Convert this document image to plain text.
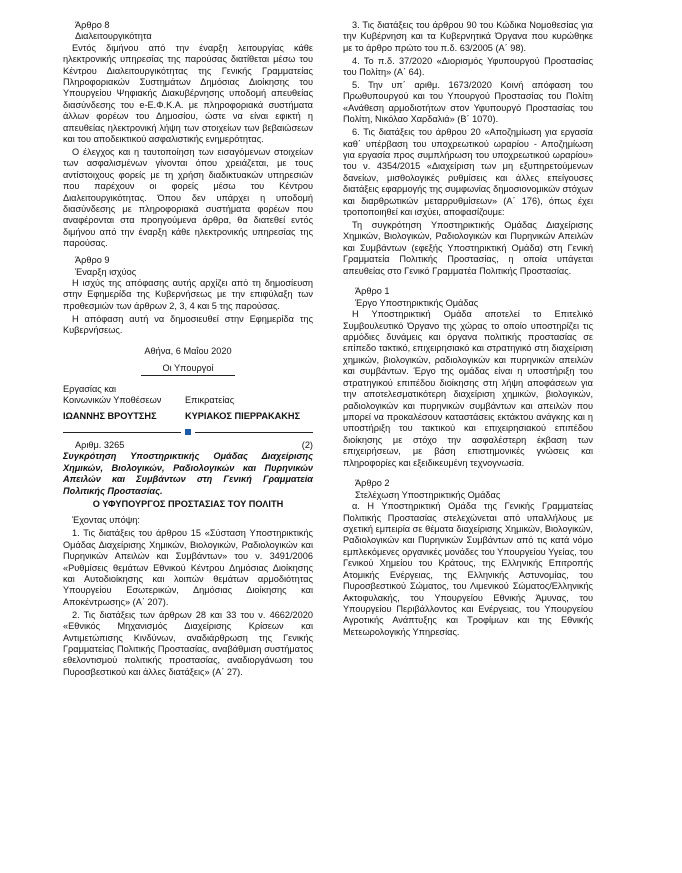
Άρθρο 8
Διαλειτουργικότητα

Εντός διμήνου από την έναρξη λειτουργίας κάθε ηλεκτρονικής υπηρεσίας της παρούσας διατίθεται μέσω του Κέντρου Διαλειτουργικότητας της Γενικής Γραμματείας Πληροφοριακών Συστημάτων Δημόσιας Διοίκησης του Υπουργείου Ψηφιακής Διακυβέρνησης υποδομή απευθείας διασύνδεσης του e-Ε.Φ.Κ.Α. με πληροφοριακά συστήματα άλλων φορέων του Δημοσίου, ώστε να είναι εφικτή η απευθείας ηλεκτρονική λήψη των στοιχείων των βεβαιώσεων και του αποδεικτικού ασφαλιστικής ενημερότητας.

Ο έλεγχος και η ταυτοποίηση των εισαγόμενων στοιχείων των ασφαλισμένων γίνονται όπου χρειάζεται, με τους αντίστοιχους φορείς με τη χρήση διαδικτυακών υπηρεσιών που παρέχουν οι φορείς μέσω του Κέντρου Διαλειτουργικότητας. Όπου δεν υπάρχει η υποδομή διασύνδεσης με πληροφοριακά συστήματα φορέων που αναφέρονται στα προηγούμενα άρθρα, θα διατεθεί εντός διμήνου από την έναρξη κάθε ηλεκτρονικής υπηρεσίας της παρούσας.

Άρθρο 9
Έναρξη ισχύος

Η ισχύς της απόφασης αυτής αρχίζει από τη δημοσίευση στην Εφημερίδα της Κυβερνήσεως με την επιφύλαξη των προθεσμιών των άρθρων 2, 3, 4 και 5 της παρούσας.

Η απόφαση αυτή να δημοσιευθεί στην Εφημερίδα της Κυβερνήσεως.

Αθήνα, 6 Μαΐου 2020

Οι Υπουργοί

Εργασίας και
Κοινωνικών Υποθέσεων
	Επικρατείας
ΙΩΑΝΝΗΣ ΒΡΟΥΤΣΗΣ	ΚΥΡΙΑΚΟΣ ΠΙΕΡΡΑΚΑΚΗΣ
Αριθμ. 3265	(2)

Συγκρότηση Υποστηρικτικής Ομάδας Διαχείρισης Χημικών, Βιολογικών, Ραδιολογικών και Πυρηνικών Απειλών και Συμβάντων στη Γενική Γραμματεία Πολιτικής Προστασίας.

Ο ΥΦΥΠΟΥΡΓΟΣ ΠΡΟΣΤΑΣΙΑΣ ΤΟΥ ΠΟΛΙΤΗ

Έχοντας υπόψη:

1. Τις διατάξεις του άρθρου 15 «Σύσταση Υποστηρικτικής Ομάδας Διαχείρισης Χημικών, Βιολογικών, Ραδιολογικών και Πυρηνικών Απειλών και Συμβάντων» του ν. 3491/2006 «Ρυθμίσεις θεμάτων Εθνικού Κέντρου Δημόσιας Διοίκησης και Αυτοδιοίκησης και λοιπών θεμάτων αρμοδιότητας Υπουργείου Εσωτερικών, Δημόσιας Διοίκησης και Αποκέντρωσης» (Α΄ 207).

2. Τις διατάξεις των άρθρων 28 και 33 του ν. 4662/2020 «Εθνικός Μηχανισμός Διαχείρισης Κρίσεων και Αντιμετώπισης Κινδύνων, αναδιάρθρωση της Γενικής Γραμματείας Πολιτικής Προστασίας, αναβάθμιση συστήματος εθελοντισμού πολιτικής προστασίας, αναδιοργάνωση του Πυροσβεστικού και άλλες διατάξεις» (Α΄ 27).

3. Τις διατάξεις του άρθρου 90 του Κώδικα Νομοθεσίας για την Κυβέρνηση και τα Κυβερνητικά Όργανα που κυρώθηκε με το άρθρο πρώτο του π.δ. 63/2005 (Α΄ 98).

4. Το π.δ. 37/2020 «Διορισμός Υφυπουργού Προστασίας του Πολίτη» (Α΄ 64).

5. Την υπ΄ αριθμ. 1673/2020 Κοινή απόφαση του Πρωθυπουργού και του Υπουργού Προστασίας του Πολίτη «Ανάθεση αρμοδιοτήτων στον Υφυπουργό Προστασίας του Πολίτη, Νικόλαο Χαρδαλιά» (Β΄ 1070).

6. Τις διατάξεις του άρθρου 20 «Αποζημίωση για εργασία καθ΄ υπέρβαση του υποχρεωτικού ωραρίου - Αποζημίωση για εργασία προς συμπλήρωση του υποχρεωτικού ωραρίου» του ν. 4354/2015 «Διαχείριση των μη εξυπηρετούμενων δανείων, μισθολογικές ρυθμίσεις και άλλες επείγουσες διατάξεις εφαρμογής της συμφωνίας δημοσιονομικών στόχων και διαρθρωτικών μεταρρυθμίσεων» (Α΄ 176), όπως έχει τροποποιηθεί και ισχύει, αποφασίζουμε:

Τη συγκρότηση Υποστηρικτικής Ομάδας Διαχείρισης Χημικών, Βιολογικών, Ραδιολογικών και Πυρηνικών Απειλών και Συμβάντων (εφεξής Υποστηρικτική Ομάδα) στη Γενική Γραμματεία Πολιτικής Προστασίας, η οποία υπάγεται απευθείας στο Γενικό Γραμματέα Πολιτικής Προστασίας.

Άρθρο 1
Έργο Υποστηρικτικής Ομάδας

Η Υποστηρικτική Ομάδα αποτελεί το Επιτελικό Συμβουλευτικό Όργανο της χώρας το οποίο υποστηρίζει τις αρμόδιες δυνάμεις και όργανα πολιτικής προστασίας σε επίπεδο τακτικό, επιχειρησιακό και στρατηγικό στη διαχείριση χημικών, βιολογικών, ραδιολογικών και πυρηνικών απειλών και συμβάντων. Έργο της ομάδας είναι η υποστήριξη του στρατηγικού επιπέδου διοίκησης στη λήψη αποφάσεων για την αποτελεσματικότερη διαχείριση χημικών, βιολογικών, ραδιολογικών και πυρηνικών συμβάντων και απειλών που μπορεί να προκαλέσουν καταστάσεις εκτάκτου ανάγκης και η υποστήριξη του τακτικού και επιχειρησιακού επιπέδου διοίκησης με στόχο την ασφαλέστερη έκβαση των επιχειρήσεων, με βάση επιστημονικές γνώσεις και πληροφορίες και εξειδικευμένη τεχνογνωσία.

Άρθρο 2
Στελέχωση Υποστηρικτικής Ομάδας

α. Η Υποστηρικτική Ομάδα της Γενικής Γραμματείας Πολιτικής Προστασίας στελεχώνεται από υπαλλήλους με σχετική εμπειρία σε θέματα διαχείρισης Χημικών, Βιολογικών, Ραδιολογικών και Πυρηνικών Συμβάντων από τις κατά νόμο εμπλεκόμενες οργανικές μονάδες του Υπουργείου Υγείας, του Γενικού Χημείου του Κράτους, της Ελληνικής Επιτροπής Ατομικής Ενέργειας, της Ελληνικής Αστυνομίας, του Πυροσβεστικού Σώματος, του Λιμενικού Σώματος/Ελληνικής Ακτοφυλακής, του Υπουργείου Εθνικής Άμυνας, του Υπουργείου Περιβάλλοντος και Ενέργειας, του Υπουργείου Αγροτικής Ανάπτυξης και Τροφίμων και της Εθνικής Μετεωρολογικής Υπηρεσίας.
